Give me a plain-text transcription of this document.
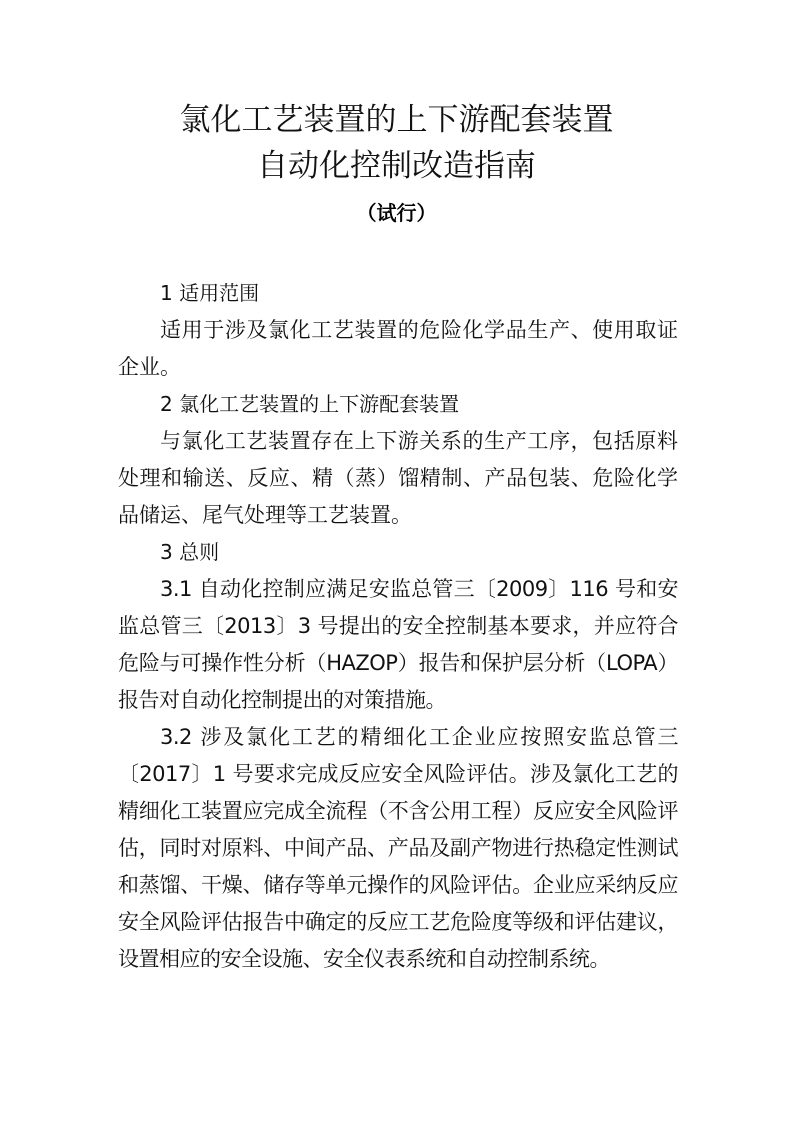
氯化工艺装置的上下游配套装置
自动化控制改造指南
（试行）

1 适用范围

适用于涉及氯化工艺装置的危险化学品生产、使用取证企业。

2 氯化工艺装置的上下游配套装置

与氯化工艺装置存在上下游关系的生产工序，包括原料处理和输送、反应、精（蒸）馏精制、产品包装、危险化学品储运、尾气处理等工艺装置。

3 总则

3.1 自动化控制应满足安监总管三〔2009〕116 号和安监总管三〔2013〕3 号提出的安全控制基本要求，并应符合危险与可操作性分析（HAZOP）报告和保护层分析（LOPA）报告对自动化控制提出的对策措施。

3.2 涉及氯化工艺的精细化工企业应按照安监总管三〔2017〕1 号要求完成反应安全风险评估。涉及氯化工艺的精细化工装置应完成全流程（不含公用工程）反应安全风险评估，同时对原料、中间产品、产品及副产物进行热稳定性测试和蒸馏、干燥、储存等单元操作的风险评估。企业应采纳反应安全风险评估报告中确定的反应工艺危险度等级和评估建议，设置相应的安全设施、安全仪表系统和自动控制系统。
